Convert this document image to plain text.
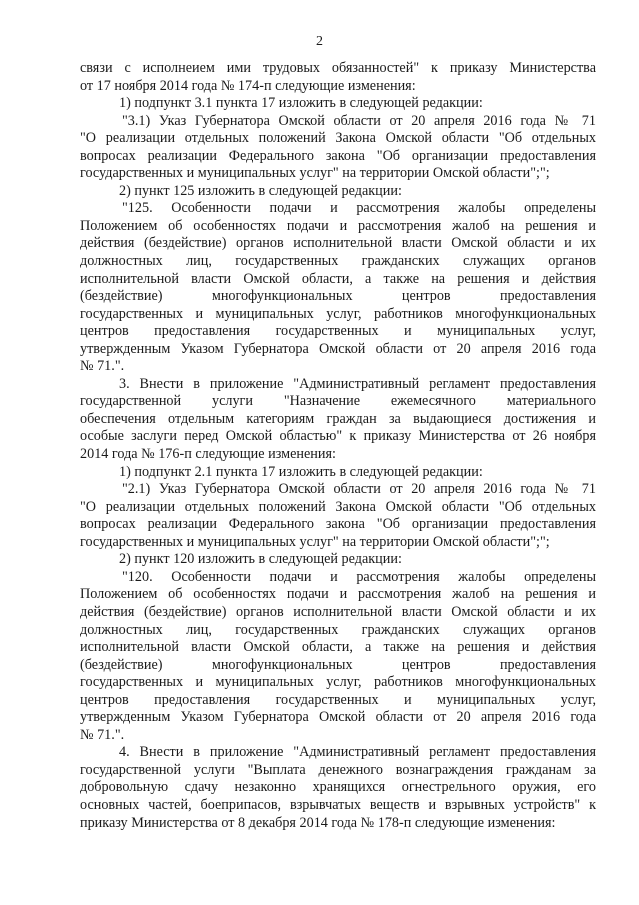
2
связи с исполнеием ими трудовых обязанностей" к приказу Министерства
от 17 ноября 2014 года № 174-п следующие изменения:
1) подпункт 3.1 пункта 17 изложить в следующей редакции:
"3.1) Указ Губернатора Омской области от 20 апреля 2016 года № 71
"О реализации отдельных положений Закона Омской области "Об отдельных
вопросах реализации Федерального закона "Об организации предоставления
государственных и муниципальных услуг" на территории Омской области";";
2) пункт 125 изложить в следующей редакции:
"125. Особенности подачи и рассмотрения жалобы определены
Положением об особенностях подачи и рассмотрения жалоб на решения и
действия (бездействие) органов исполнительной власти Омской области и их
должностных лиц, государственных гражданских служащих органов
исполнительной власти Омской области, а также на решения и действия
(бездействие) многофункциональных центров предоставления
государственных и муниципальных услуг, работников многофункциональных
центров предоставления государственных и муниципальных услуг,
утвержденным Указом Губернатора Омской области от 20 апреля 2016 года
№ 71.".
3. Внести в приложение "Административный регламент предоставления
государственной услуги "Назначение ежемесячного материального
обеспечения отдельным категориям граждан за выдающиеся достижения и
особые заслуги перед Омской областью" к приказу Министерства от 26 ноября
2014 года № 176-п следующие изменения:
1) подпункт 2.1 пункта 17 изложить в следующей редакции:
"2.1) Указ Губернатора Омской области от 20 апреля 2016 года № 71
"О реализации отдельных положений Закона Омской области "Об отдельных
вопросах реализации Федерального закона "Об организации предоставления
государственных и муниципальных услуг" на территории Омской области";";
2) пункт 120 изложить в следующей редакции:
"120. Особенности подачи и рассмотрения жалобы определены
Положением об особенностях подачи и рассмотрения жалоб на решения и
действия (бездействие) органов исполнительной власти Омской области и их
должностных лиц, государственных гражданских служащих органов
исполнительной власти Омской области, а также на решения и действия
(бездействие) многофункциональных центров предоставления
государственных и муниципальных услуг, работников многофункциональных
центров предоставления государственных и муниципальных услуг,
утвержденным Указом Губернатора Омской области от 20 апреля 2016 года
№ 71.".
4. Внести в приложение "Административный регламент предоставления
государственной услуги "Выплата денежного вознаграждения гражданам за
добровольную сдачу незаконно хранящихся огнестрельного оружия, его
основных частей, боеприпасов, взрывчатых веществ и взрывных устройств" к
приказу Министерства от 8 декабря 2014 года № 178-п следующие изменения:
